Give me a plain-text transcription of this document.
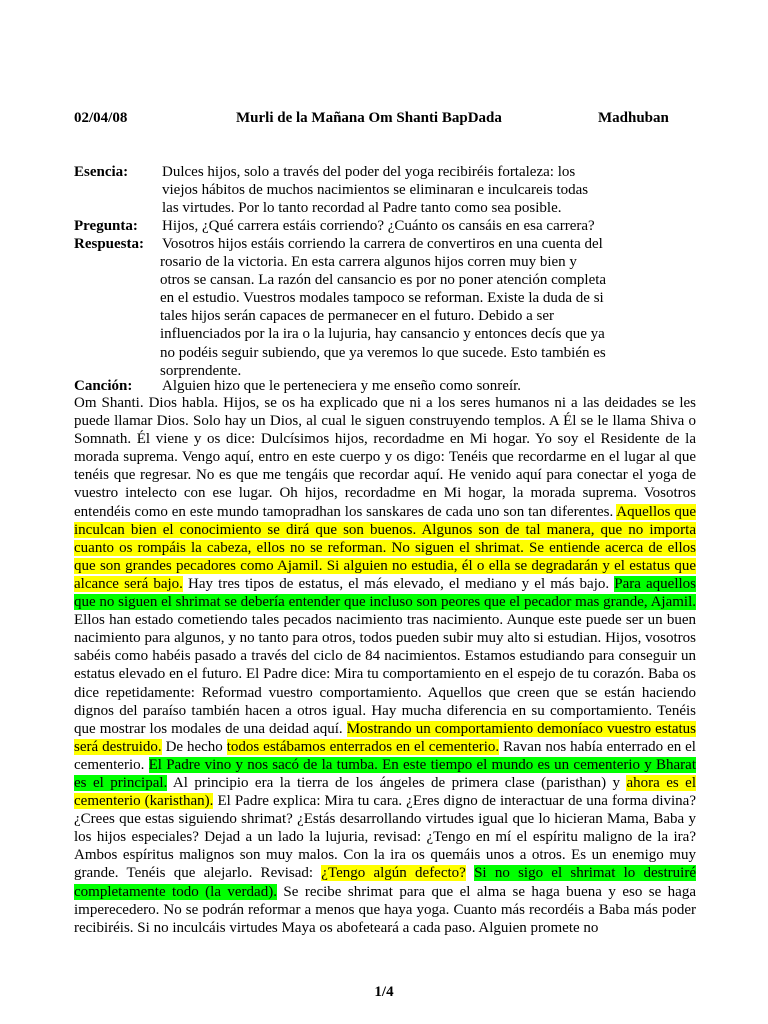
02/04/08	Murli de la Mañana Om Shanti BapDada	Madhuban
Esencia: Dulces hijos, solo a través del poder del yoga recibiréis fortaleza: los
viejos hábitos de muchos nacimientos se eliminaran e inculcareis todas
las virtudes. Por lo tanto recordad al Padre tanto como sea posible.
Pregunta: Hijos, ¿Qué carrera estáis corriendo? ¿Cuánto os cansáis en esa carrera?
Respuesta: Vosotros hijos estáis corriendo la carrera de convertiros en una cuenta del
rosario de la victoria. En esta carrera algunos hijos corren muy bien y
otros se cansan. La razón del cansancio es por no poner atención completa
en el estudio. Vuestros modales tampoco se reforman. Existe la duda de si
tales hijos serán capaces de permanecer en el futuro. Debido a ser
influenciados por la ira o la lujuria, hay cansancio y entonces decís que ya
no podéis seguir subiendo, que ya veremos lo que sucede. Esto también es
sorprendente.
Canción: Alguien hizo que le perteneciera y me enseño como sonreír.
Om Shanti. Dios habla. Hijos, se os ha explicado que ni a los seres humanos ni a las deidades se les puede llamar Dios. Solo hay un Dios, al cual le siguen construyendo templos. A Él se le llama Shiva o Somnath. Él viene y os dice: Dulcísimos hijos, recordadme en Mi hogar. Yo soy el Residente de la morada suprema. Vengo aquí, entro en este cuerpo y os digo: Tenéis que recordarme en el lugar al que tenéis que regresar. No es que me tengáis que recordar aquí. He venido aquí para conectar el yoga de vuestro intelecto con ese lugar. Oh hijos, recordadme en Mi hogar, la morada suprema. Vosotros entendéis como en este mundo tamopradhan los sanskares de cada uno son tan diferentes. Aquellos que inculcan bien el conocimiento se dirá que son buenos. Algunos son de tal manera, que no importa cuanto os rompáis la cabeza, ellos no se reforman. No siguen el shrimat. Se entiende acerca de ellos que son grandes pecadores como Ajamil. Si alguien no estudia, él o ella se degradarán y el estatus que alcance será bajo. Hay tres tipos de estatus, el más elevado, el mediano y el más bajo. Para aquellos que no siguen el shrimat se debería entender que incluso son peores que el pecador mas grande, Ajamil. Ellos han estado cometiendo tales pecados nacimiento tras nacimiento. Aunque este puede ser un buen nacimiento para algunos, y no tanto para otros, todos pueden subir muy alto si estudian. Hijos, vosotros sabéis como habéis pasado a través del ciclo de 84 nacimientos. Estamos estudiando para conseguir un estatus elevado en el futuro. El Padre dice: Mira tu comportamiento en el espejo de tu corazón. Baba os dice repetidamente: Reformad vuestro comportamiento. Aquellos que creen que se están haciendo dignos del paraíso también hacen a otros igual. Hay mucha diferencia en su comportamiento. Tenéis que mostrar los modales de una deidad aquí. Mostrando un comportamiento demoníaco vuestro estatus será destruido. De hecho todos estábamos enterrados en el cementerio. Ravan nos había enterrado en el cementerio. El Padre vino y nos sacó de la tumba. En este tiempo el mundo es un cementerio y Bharat es el principal. Al principio era la tierra de los ángeles de primera clase (paristhan) y ahora es el cementerio (karisthan). El Padre explica: Mira tu cara. ¿Eres digno de interactuar de una forma divina? ¿Crees que estas siguiendo shrimat? ¿Estás desarrollando virtudes igual que lo hicieran Mama, Baba y los hijos especiales? Dejad a un lado la lujuria, revisad: ¿Tengo en mí el espíritu maligno de la ira? Ambos espíritus malignos son muy malos. Con la ira os quemáis unos a otros. Es un enemigo muy grande. Tenéis que alejarlo. Revisad: ¿Tengo algún defecto? Si no sigo el shrimat lo destruiré completamente todo (la verdad). Se recibe shrimat para que el alma se haga buena y eso se haga imperecedero. No se podrán reformar a menos que haya yoga. Cuanto más recordéis a Baba más poder recibiréis. Si no inculcáis virtudes Maya os abofeteará a cada paso. Alguien promete no
1/4
